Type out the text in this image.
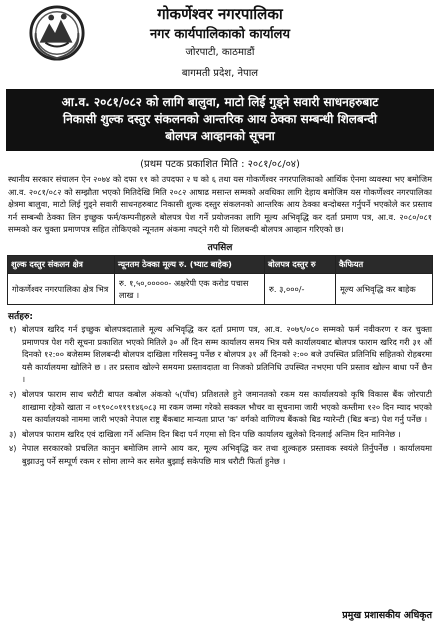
गोकर्णेश्वर नगरपालिका
नगर कार्यपालिकाको कार्यालय
जोरपाटी, काठमाडौं
बागमती प्रदेश, नेपाल
आ.व. २०८१/०८२ को लागि बालुवा, माटो लिई गुड्ने सवारी साधनहरुबाट
निकासी शुल्क दस्तुर संकलनको आन्तरिक आय ठेक्का सम्बन्धी शिलबन्दी
बोलपत्र आव्हानको सूचना
(प्रथम पटक प्रकाशित मिति : २०८१/०८/०४)
स्थानीय सरकार संचालन ऐन २०७४ को दफा ११ को उपदफा २ घ को ६ तथा यस गोकर्णेश्वर नगरपालिकाको आर्थिक ऐनमा व्यवस्था भए बमोजिम आ.व. २०८१/०८२ को सम्झौता भएको मितिदेखि मिति २०८२ आषाढ मसान्त सम्मको अवधिका लागि देहाय बमोजिम यस गोकर्णेश्वर नगरपालिका क्षेत्रमा बालुवा, माटो लिई गुड्ने सवारी साधनहरुबाट निकासी शुल्क दस्तुर संकलनको आन्तरिक आय ठेक्का बन्दोबस्त गर्नुपर्ने भएकोले कर प्रस्ताव गर्न सम्बन्धी ठेक्का लिन इच्छुक फर्म/कम्पनीहरुले बोलपत्र पेश गर्ने प्रयोजनका लागि मूल्य अभिवृद्धि कर दर्ता प्रमाण पत्र, आ.व. २०८०/०८१ सम्मको कर चुक्ता प्रमाणपत्र सहित तोकिएको न्यूनतम अंकमा नघट्ने गरी यो शिलबन्दी बोलपत्र आव्हान गरिएको छ।
तपसिल
शुल्क दस्तुर संकलन क्षेत्र	न्यूनतम ठेक्का मूल्य रु. (भ्याट बाहेक)	बोलपत्र दस्तुर रु	कैफियत
गोकर्णेश्वर नगरपालिका क्षेत्र भित्र	रु. १,५०,०००००- अक्षरेपी एक करोड पचास लाख ।	रु. ३,०००/-	मूल्य अभिवृद्धि कर बाहेक
सर्तहरु:
१) बोलपत्र खरिद गर्न इच्छुक बोलपत्रदाताले मूल्य अभिवृद्धि कर दर्ता प्रमाण पत्र, आ.व. २०७९/०८० सम्मको फर्म नवीकरण र कर चुक्ता प्रमाणपत्र पेश गरी सूचना प्रकाशित भएको मितिले ३० औं दिन सम्म कार्यालय समय भित्र यसै कार्यालयबाट बोलपत्र फाराम खरिद गरी ३१ औं दिनको १२:०० बजेसम्म शिलबन्दी बोलपत्र दाखिला गरिसक्नु पर्नेछ र बोलपत्र ३१ औं दिनको २:०० बजे उपस्थित प्रतिनिधि सहितको रोहबरमा यसै कार्यालयमा खोलिने छ । तर प्रस्ताव खोल्ने समयमा प्रस्तावदाता वा निजको प्रतिनिधि उपस्थित नभएमा पनि प्रस्ताव खोल्न बाधा पर्ने छैन ।
२) बोलपत्र फाराम साथ धरौटी बापत कबोल अंकको ५(पाँच) प्रतिशतले हुने जमानतको रकम यस कार्यालयको कृषि विकास बैंक जोरपाटी शाखामा रहेको खाता न ०१९०८०११९१४६०८३ मा रकम जम्मा गरेको सक्कल भौचर वा सूचनामा जारी भएको कम्तीमा १२० दिन म्याद भएको यस कार्यालयको नाममा जारी भएको नेपाल राष्ट्र बैंकबाट मान्यता प्राप्त 'क' वर्गको वाणिज्य बैंकको बिड ग्यारेन्टी (बिड बन्ड) पेश गर्नु पर्नेछ ।
३) बोलपत्र फाराम खरिद एवं दाखिला गर्ने अन्तिम दिन बिदा पर्न गएमा सो दिन पछि कार्यालय खुलेको दिनलाई अन्तिम दिन मानिनेछ ।
४) नेपाल सरकारको प्रचलित कानुन बमोजिम लाग्ने आय कर, मूल्य अभिवृद्धि कर तथा शुल्कहरु प्रस्तावक स्वयंले तिर्नुपर्नेछ । कार्यालयमा बुझाउनु पर्ने सम्पूर्ण रकम र सोमा लाग्ने कर समेत बुझाई सकेपछि मात्र धरौटी फिर्ता हुनेछ ।
प्रमुख प्रशासकीय अधिकृत
